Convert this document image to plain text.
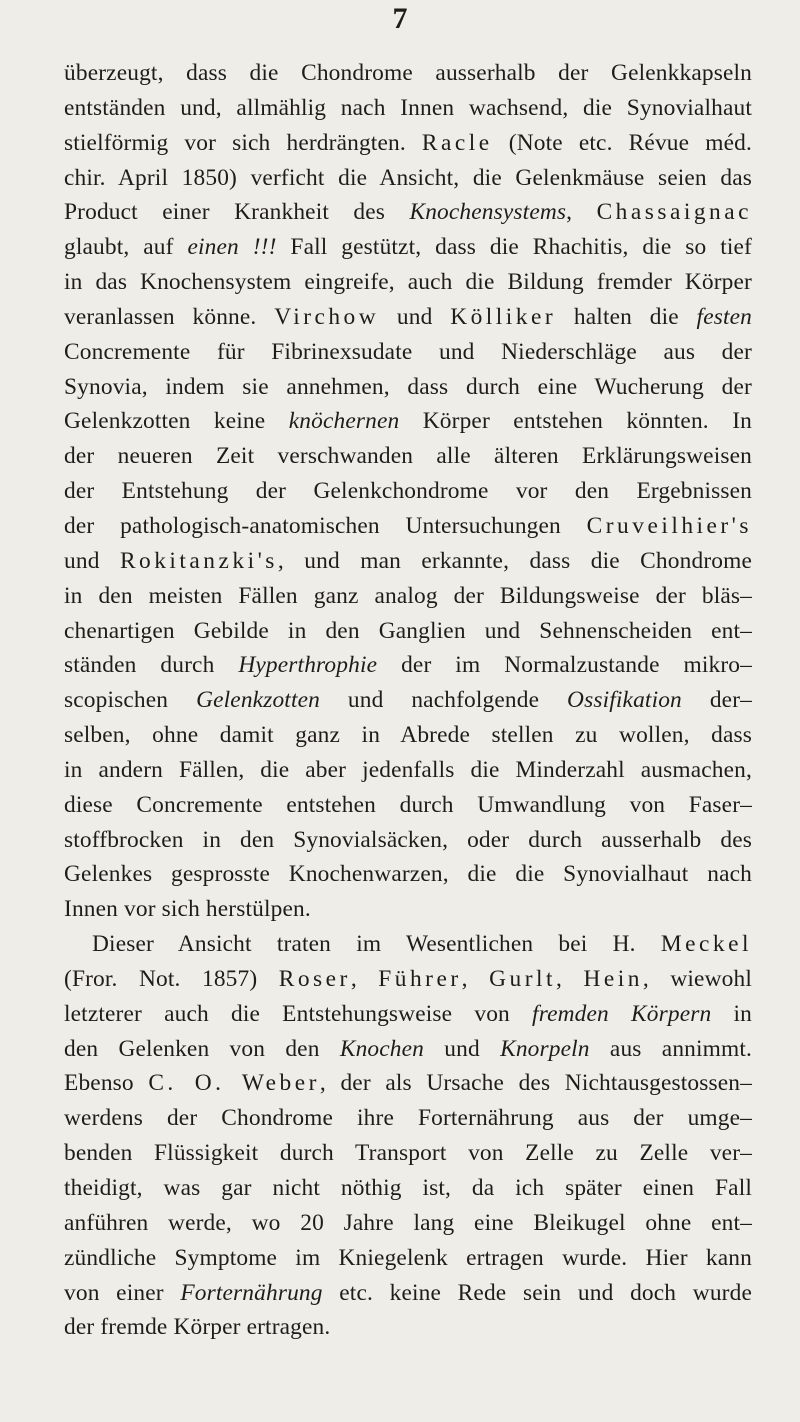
7
überzeugt, dass die Chondrome ausserhalb der Gelenkkapseln
entständen und, allmählig nach Innen wachsend, die Synovialhaut
stielförmig vor sich herdrängten. Racle (Note etc. Révue méd.
chir. April 1850) verficht die Ansicht, die Gelenkmäuse seien das
Product einer Krankheit des Knochensystems, Chassaignac
glaubt, auf einen !!! Fall gestützt, dass die Rhachitis, die so tief
in das Knochensystem eingreife, auch die Bildung fremder Körper
veranlassen könne. Virchow und Kölliker halten die festen
Concremente für Fibrinexsudate und Niederschläge aus der
Synovia, indem sie annehmen, dass durch eine Wucherung der
Gelenkzotten keine knöchernen Körper entstehen könnten. In
der neueren Zeit verschwanden alle älteren Erklärungsweisen
der Entstehung der Gelenkchondrome vor den Ergebnissen
der pathologisch-anatomischen Untersuchungen Cruveilhier's
und Rokitanzki's, und man erkannte, dass die Chondrome
in den meisten Fällen ganz analog der Bildungsweise der bläs–
chenartigen Gebilde in den Ganglien und Sehnenscheiden ent–
ständen durch Hyperthrophie der im Normalzustande mikro–
scopischen Gelenkzotten und nachfolgende Ossifikation der–
selben, ohne damit ganz in Abrede stellen zu wollen, dass
in andern Fällen, die aber jedenfalls die Minderzahl ausmachen,
diese Concremente entstehen durch Umwandlung von Faser–
stoffbrocken in den Synovialsäcken, oder durch ausserhalb des
Gelenkes gesprosste Knochenwarzen, die die Synovialhaut nach
Innen vor sich herstülpen.
Dieser Ansicht traten im Wesentlichen bei H. Meckel
(Fror. Not. 1857) Roser, Führer, Gurlt, Hein, wiewohl
letzterer auch die Entstehungsweise von fremden Körpern in
den Gelenken von den Knochen und Knorpeln aus annimmt.
Ebenso C. O. Weber, der als Ursache des Nichtausgestossen–
werdens der Chondrome ihre Forternährung aus der umge–
benden Flüssigkeit durch Transport von Zelle zu Zelle ver–
theidigt, was gar nicht nöthig ist, da ich später einen Fall
anführen werde, wo 20 Jahre lang eine Bleikugel ohne ent–
zündliche Symptome im Kniegelenk ertragen wurde. Hier kann
von einer Forternährung etc. keine Rede sein und doch wurde
der fremde Körper ertragen.
